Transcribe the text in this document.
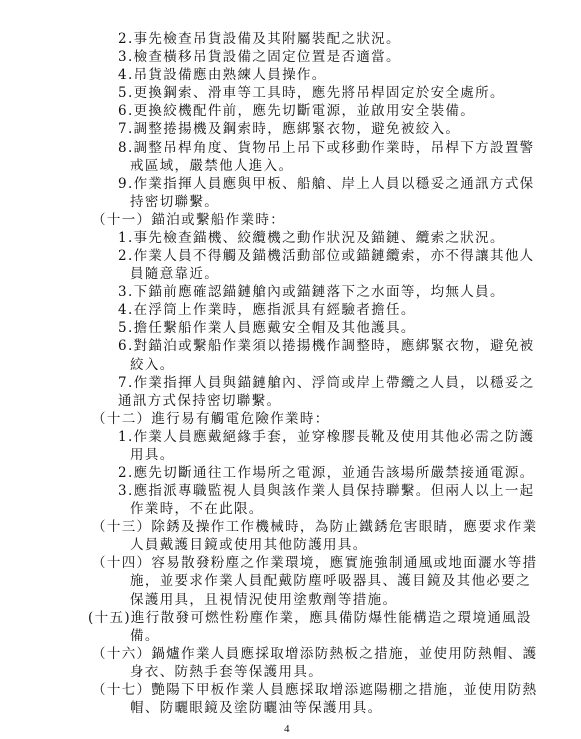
2.事先檢查吊貨設備及其附屬裝配之狀況。
3.檢查橫移吊貨設備之固定位置是否適當。
4.吊貨設備應由熟練人員操作。
5.更換鋼索、滑車等工具時，應先將吊桿固定於安全處所。
6.更換絞機配件前，應先切斷電源，並啟用安全裝備。
7.調整捲揚機及鋼索時，應綁緊衣物，避免被絞入。
8.調整吊桿角度、貨物吊上吊下或移動作業時，吊桿下方設置警
戒區域，嚴禁他人進入。
9.作業指揮人員應與甲板、船艙、岸上人員以穩妥之通訊方式保
持密切聯繫。
（十一）錨泊或繫船作業時：
1.事先檢查錨機、絞纜機之動作狀況及錨鏈、纜索之狀況。
2.作業人員不得觸及錨機活動部位或錨鏈纜索，亦不得讓其他人
員隨意靠近。
3.下錨前應確認錨鏈艙內或錨鏈落下之水面等，均無人員。
4.在浮筒上作業時，應指派具有經驗者擔任。
5.擔任繫船作業人員應戴安全帽及其他護具。
6.對錨泊或繫船作業須以捲揚機作調整時，應綁緊衣物，避免被
絞入。
7.作業指揮人員與錨鏈艙內、浮筒或岸上帶纜之人員，以穩妥之
通訊方式保持密切聯繫。
（十二）進行易有觸電危險作業時：
1.作業人員應戴絕緣手套，並穿橡膠長靴及使用其他必需之防護
用具。
2.應先切斷通往工作場所之電源，並通告該場所嚴禁接通電源。
3.應指派專職監視人員與該作業人員保持聯繫。但兩人以上一起
作業時，不在此限。
（十三）除銹及操作工作機械時，為防止鐵銹危害眼睛，應要求作業
人員戴護目鏡或使用其他防護用具。
（十四）容易散發粉塵之作業環境，應實施強制通風或地面灑水等措
施，並要求作業人員配戴防塵呼吸器具、護目鏡及其他必要之
保護用具，且視情況使用塗敷劑等措施。
(十五)進行散發可燃性粉塵作業，應具備防爆性能構造之環境通風設
備。
（十六）鍋爐作業人員應採取增添防熱板之措施，並使用防熱帽、護
身衣、防熱手套等保護用具。
（十七）艷陽下甲板作業人員應採取增添遮陽棚之措施，並使用防熱
帽、防曬眼鏡及塗防曬油等保護用具。
4
